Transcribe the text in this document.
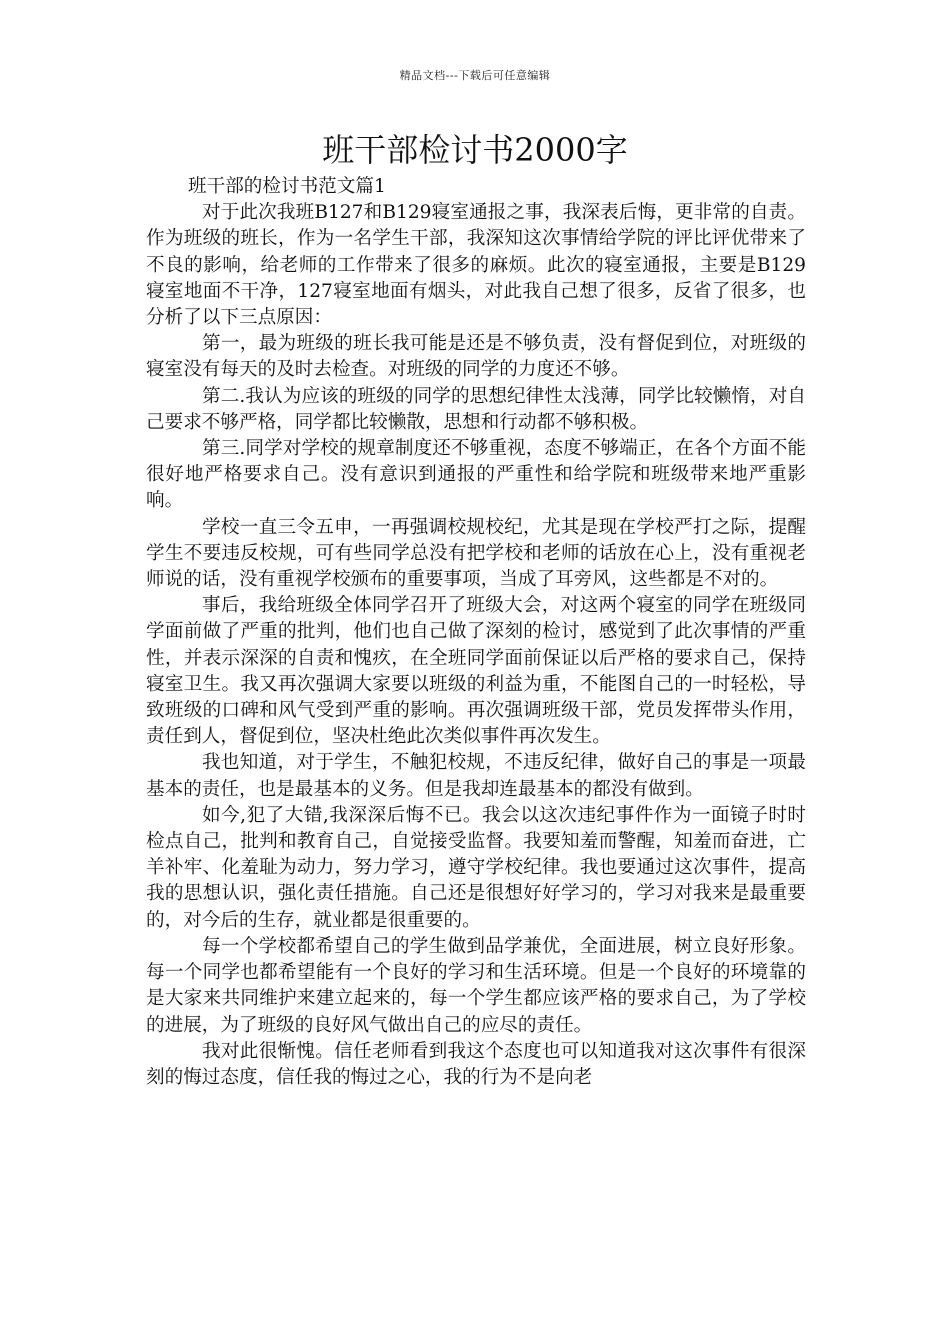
精品文档---下载后可任意编辑
班干部检讨书2000字
班干部的检讨书范文篇1

对于此次我班B127和B129寝室通报之事，我深表后悔，更非常的自责。作为班级的班长，作为一名学生干部，我深知这次事情给学院的评比评优带来了不良的影响，给老师的工作带来了很多的麻烦。此次的寝室通报，主要是B129寝室地面不干净，127寝室地面有烟头，对此我自己想了很多，反省了很多，也分析了以下三点原因：

第一，最为班级的班长我可能是还是不够负责，没有督促到位，对班级的寝室没有每天的及时去检查。对班级的同学的力度还不够。

第二.我认为应该的班级的同学的思想纪律性太浅薄，同学比较懒惰，对自己要求不够严格，同学都比较懒散，思想和行动都不够积极。

第三.同学对学校的规章制度还不够重视，态度不够端正，在各个方面不能很好地严格要求自己。没有意识到通报的严重性和给学院和班级带来地严重影响。

学校一直三令五申，一再强调校规校纪，尤其是现在学校严打之际，提醒学生不要违反校规，可有些同学总没有把学校和老师的话放在心上，没有重视老师说的话，没有重视学校颁布的重要事项，当成了耳旁风，这些都是不对的。

事后，我给班级全体同学召开了班级大会，对这两个寝室的同学在班级同学面前做了严重的批判，他们也自己做了深刻的检讨，感觉到了此次事情的严重性，并表示深深的自责和愧疚，在全班同学面前保证以后严格的要求自己，保持寝室卫生。我又再次强调大家要以班级的利益为重，不能图自己的一时轻松，导致班级的口碑和风气受到严重的影响。再次强调班级干部，党员发挥带头作用，责任到人，督促到位，坚决杜绝此次类似事件再次发生。

我也知道，对于学生，不触犯校规，不违反纪律，做好自己的事是一项最基本的责任，也是最基本的义务。但是我却连最基本的都没有做到。

如今,犯了大错,我深深后悔不已。我会以这次违纪事件作为一面镜子时时检点自己，批判和教育自己，自觉接受监督。我要知羞而警醒，知羞而奋进，亡羊补牢、化羞耻为动力，努力学习，遵守学校纪律。我也要通过这次事件，提高我的思想认识，强化责任措施。自己还是很想好好学习的，学习对我来是最重要的，对今后的生存，就业都是很重要的。

每一个学校都希望自己的学生做到品学兼优，全面进展，树立良好形象。每一个同学也都希望能有一个良好的学习和生活环境。但是一个良好的环境靠的是大家来共同维护来建立起来的，每一个学生都应该严格的要求自己，为了学校的进展，为了班级的良好风气做出自己的应尽的责任。

我对此很惭愧。信任老师看到我这个态度也可以知道我对这次事件有很深刻的悔过态度，信任我的悔过之心，我的行为不是向老
